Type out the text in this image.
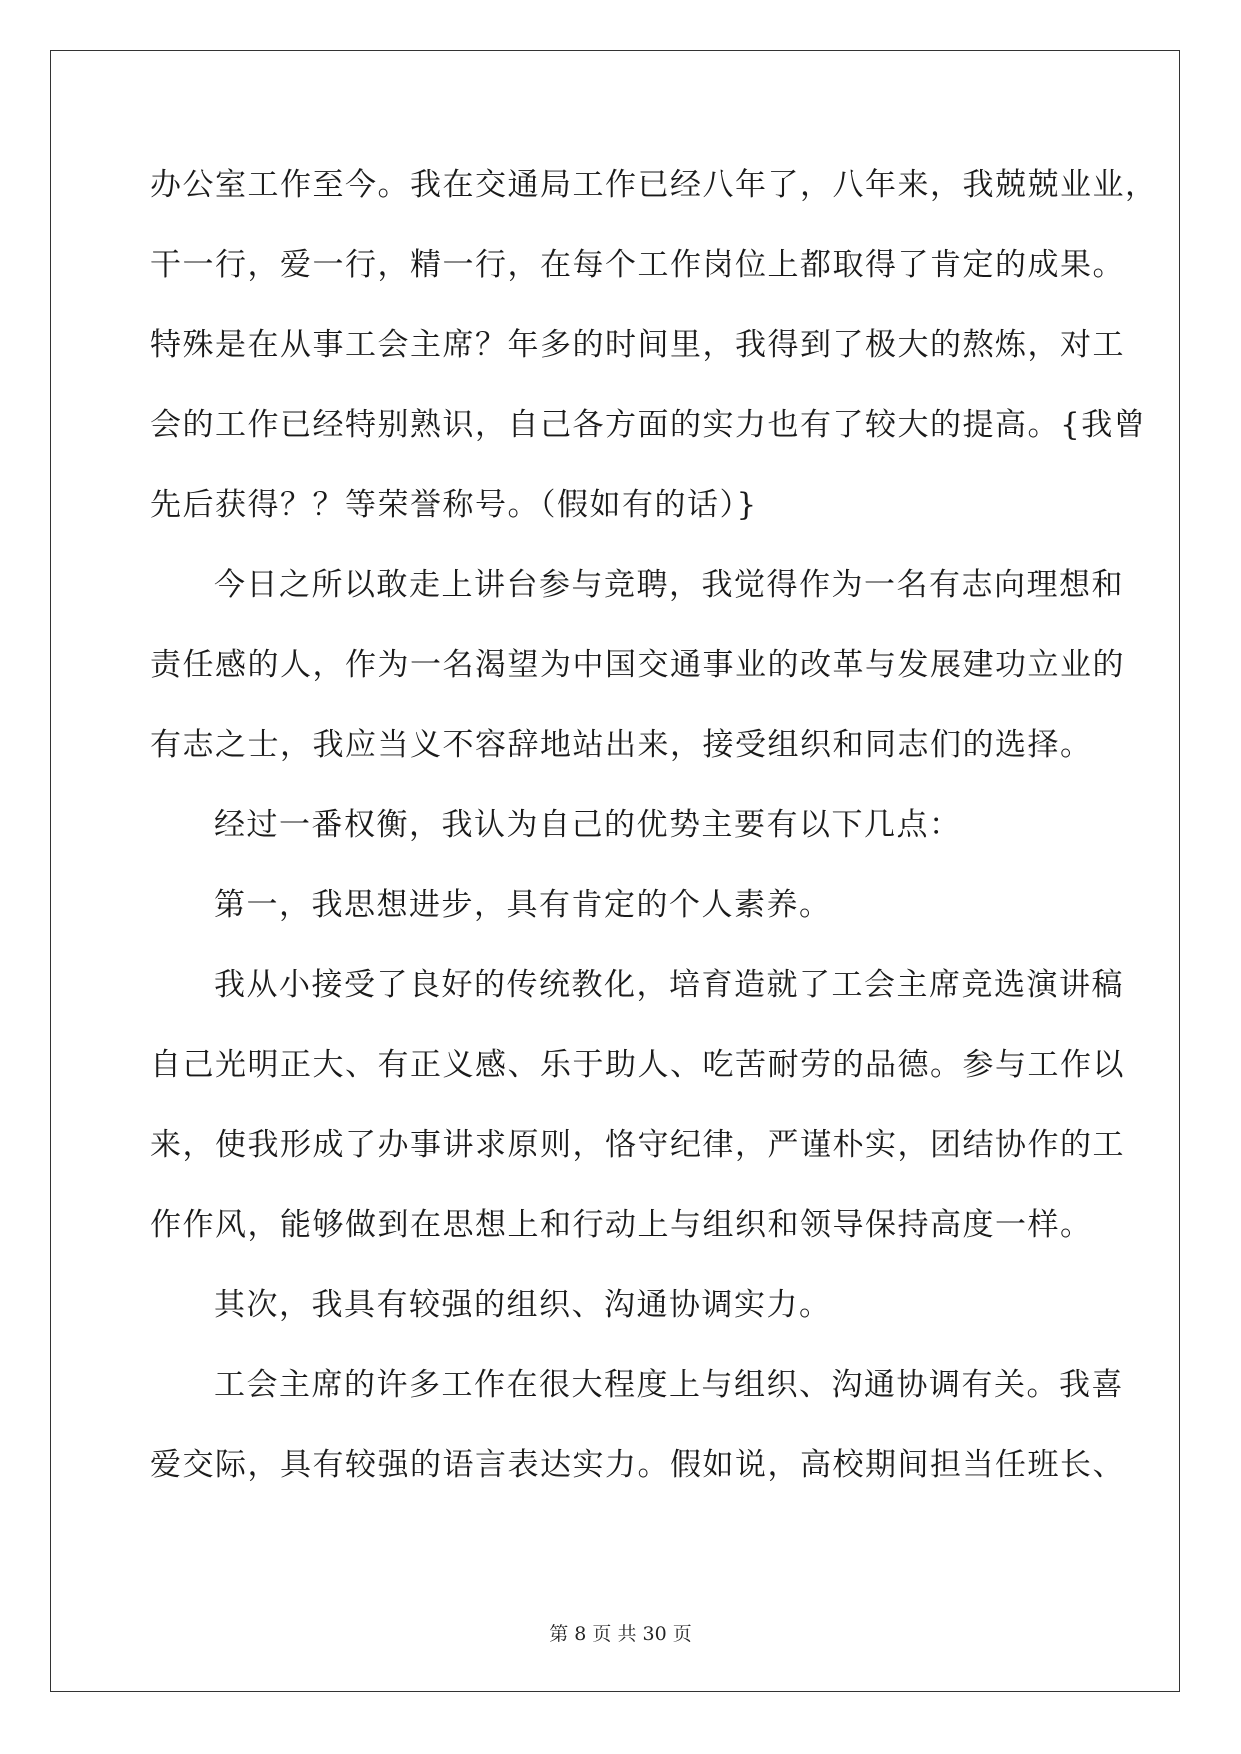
办公室工作至今。我在交通局工作已经八年了，八年来，我兢兢业业，
干一行，爱一行，精一行，在每个工作岗位上都取得了肯定的成果。
特殊是在从事工会主席？年多的时间里，我得到了极大的熬炼，对工
会的工作已经特别熟识，自己各方面的实力也有了较大的提高。{我曾
先后获得？？等荣誉称号。（假如有的话）}
今日之所以敢走上讲台参与竞聘，我觉得作为一名有志向理想和
责任感的人，作为一名渴望为中国交通事业的改革与发展建功立业的
有志之士，我应当义不容辞地站出来，接受组织和同志们的选择。
经过一番权衡，我认为自己的优势主要有以下几点：
第一，我思想进步，具有肯定的个人素养。
我从小接受了良好的传统教化，培育造就了工会主席竞选演讲稿
自己光明正大、有正义感、乐于助人、吃苦耐劳的品德。参与工作以
来，使我形成了办事讲求原则，恪守纪律，严谨朴实，团结协作的工
作作风，能够做到在思想上和行动上与组织和领导保持高度一样。
其次，我具有较强的组织、沟通协调实力。
工会主席的许多工作在很大程度上与组织、沟通协调有关。我喜
爱交际，具有较强的语言表达实力。假如说，高校期间担当任班长、
第 8 页 共 30 页
